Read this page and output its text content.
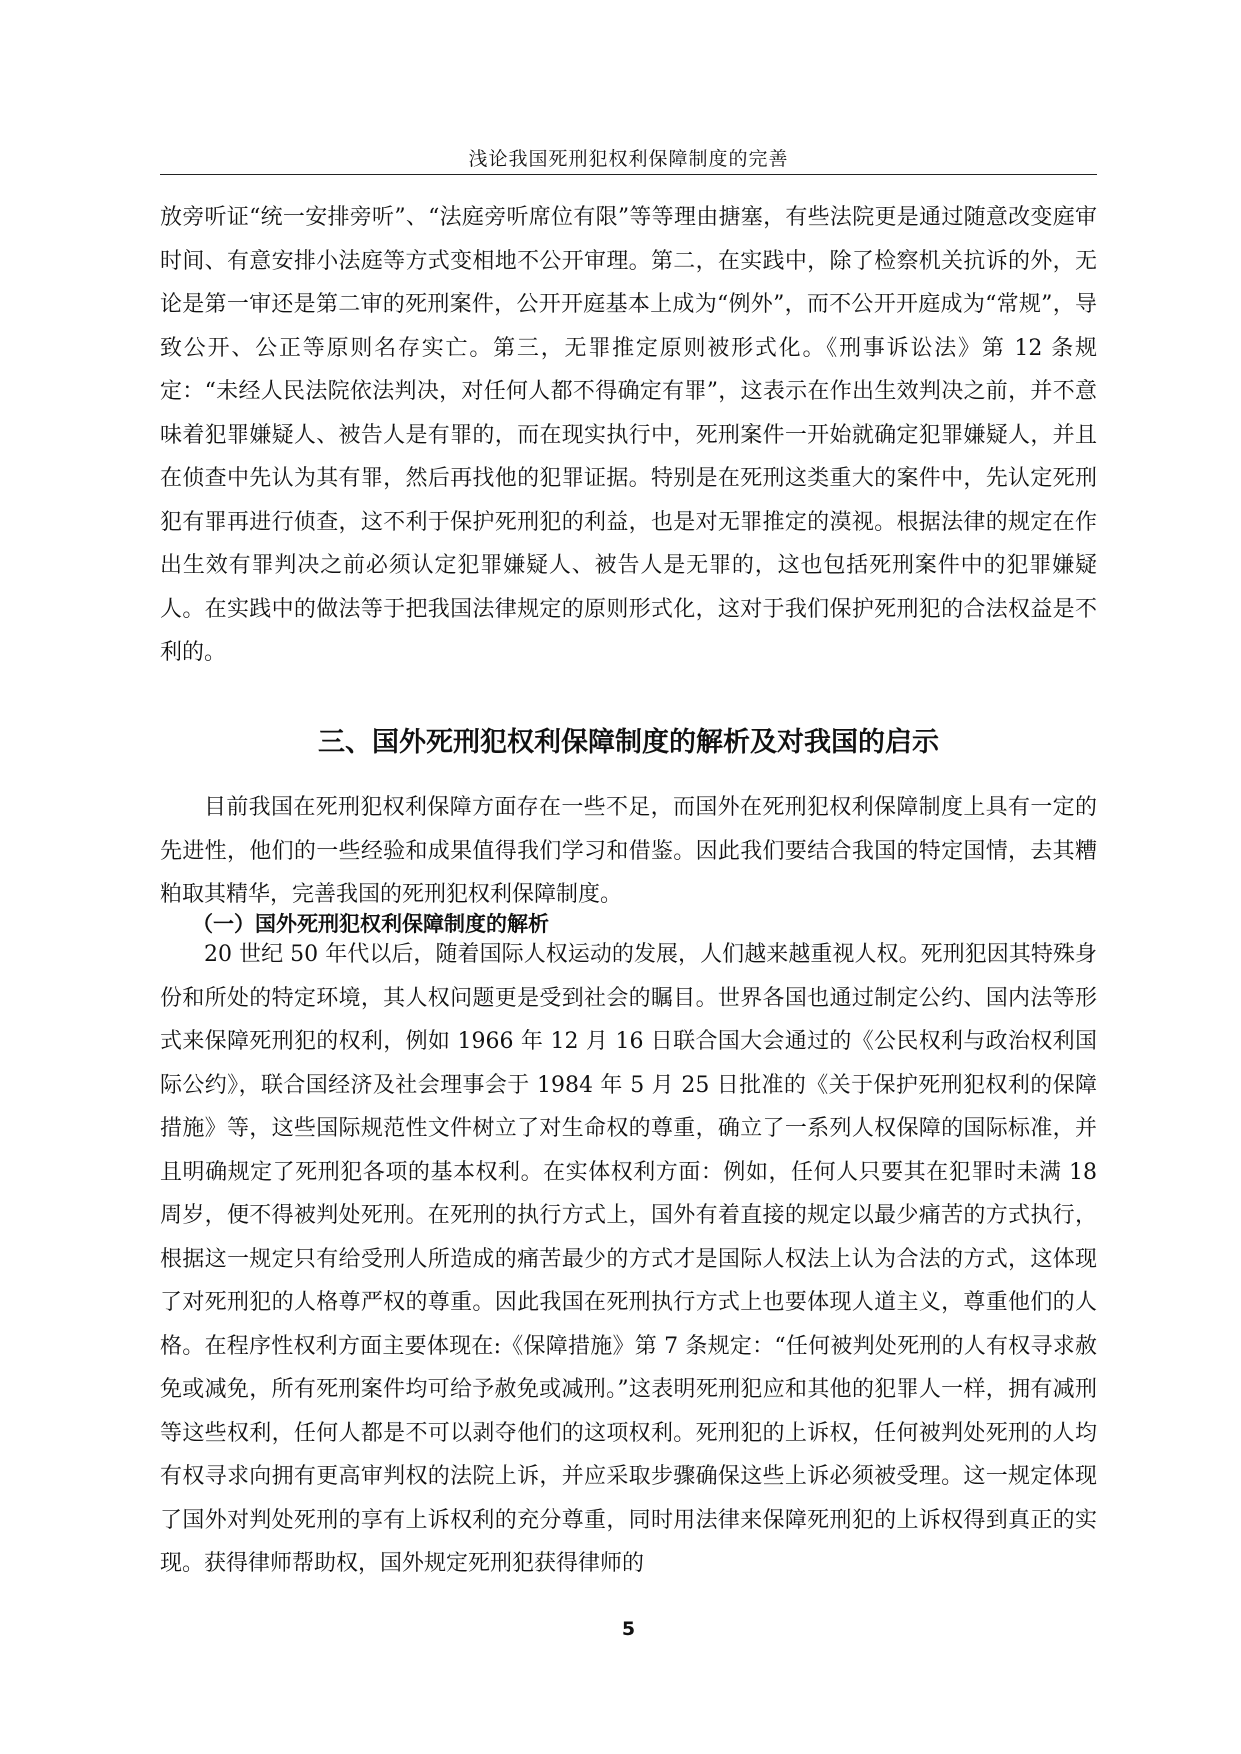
浅论我国死刑犯权利保障制度的完善

放旁听证“统一安排旁听”、“法庭旁听席位有限”等等理由搪塞，有些法院更是通过随意改变庭审时间、有意安排小法庭等方式变相地不公开审理。第二，在实践中，除了检察机关抗诉的外，无论是第一审还是第二审的死刑案件，公开开庭基本上成为“例外”，而不公开开庭成为“常规”，导致公开、公正等原则名存实亡。第三，无罪推定原则被形式化。《刑事诉讼法》第 12 条规定：“未经人民法院依法判决，对任何人都不得确定有罪”，这表示在作出生效判决之前，并不意味着犯罪嫌疑人、被告人是有罪的，而在现实执行中，死刑案件一开始就确定犯罪嫌疑人，并且在侦查中先认为其有罪，然后再找他的犯罪证据。特别是在死刑这类重大的案件中，先认定死刑犯有罪再进行侦查，这不利于保护死刑犯的利益，也是对无罪推定的漠视。根据法律的规定在作出生效有罪判决之前必须认定犯罪嫌疑人、被告人是无罪的，这也包括死刑案件中的犯罪嫌疑人。在实践中的做法等于把我国法律规定的原则形式化，这对于我们保护死刑犯的合法权益是不利的。

三、国外死刑犯权利保障制度的解析及对我国的启示

目前我国在死刑犯权利保障方面存在一些不足，而国外在死刑犯权利保障制度上具有一定的先进性，他们的一些经验和成果值得我们学习和借鉴。因此我们要结合我国的特定国情，去其糟粕取其精华，完善我国的死刑犯权利保障制度。

（一）国外死刑犯权利保障制度的解析

20 世纪 50 年代以后，随着国际人权运动的发展，人们越来越重视人权。死刑犯因其特殊身份和所处的特定环境，其人权问题更是受到社会的瞩目。世界各国也通过制定公约、国内法等形式来保障死刑犯的权利，例如 1966 年 12 月 16 日联合国大会通过的《公民权利与政治权利国际公约》，联合国经济及社会理事会于 1984 年 5 月 25 日批准的《关于保护死刑犯权利的保障措施》等，这些国际规范性文件树立了对生命权的尊重，确立了一系列人权保障的国际标准，并且明确规定了死刑犯各项的基本权利。在实体权利方面：例如，任何人只要其在犯罪时未满 18 周岁，便不得被判处死刑。在死刑的执行方式上，国外有着直接的规定以最少痛苦的方式执行，根据这一规定只有给受刑人所造成的痛苦最少的方式才是国际人权法上认为合法的方式，这体现了对死刑犯的人格尊严权的尊重。因此我国在死刑执行方式上也要体现人道主义，尊重他们的人格。在程序性权利方面主要体现在:《保障措施》第 7 条规定：“任何被判处死刑的人有权寻求赦免或减免，所有死刑案件均可给予赦免或减刑。”这表明死刑犯应和其他的犯罪人一样，拥有减刑等这些权利，任何人都是不可以剥夺他们的这项权利。死刑犯的上诉权，任何被判处死刑的人均有权寻求向拥有更高审判权的法院上诉，并应采取步骤确保这些上诉必须被受理。这一规定体现了国外对判处死刑的享有上诉权利的充分尊重，同时用法律来保障死刑犯的上诉权得到真正的实现。获得律师帮助权，国外规定死刑犯获得律师的

5
